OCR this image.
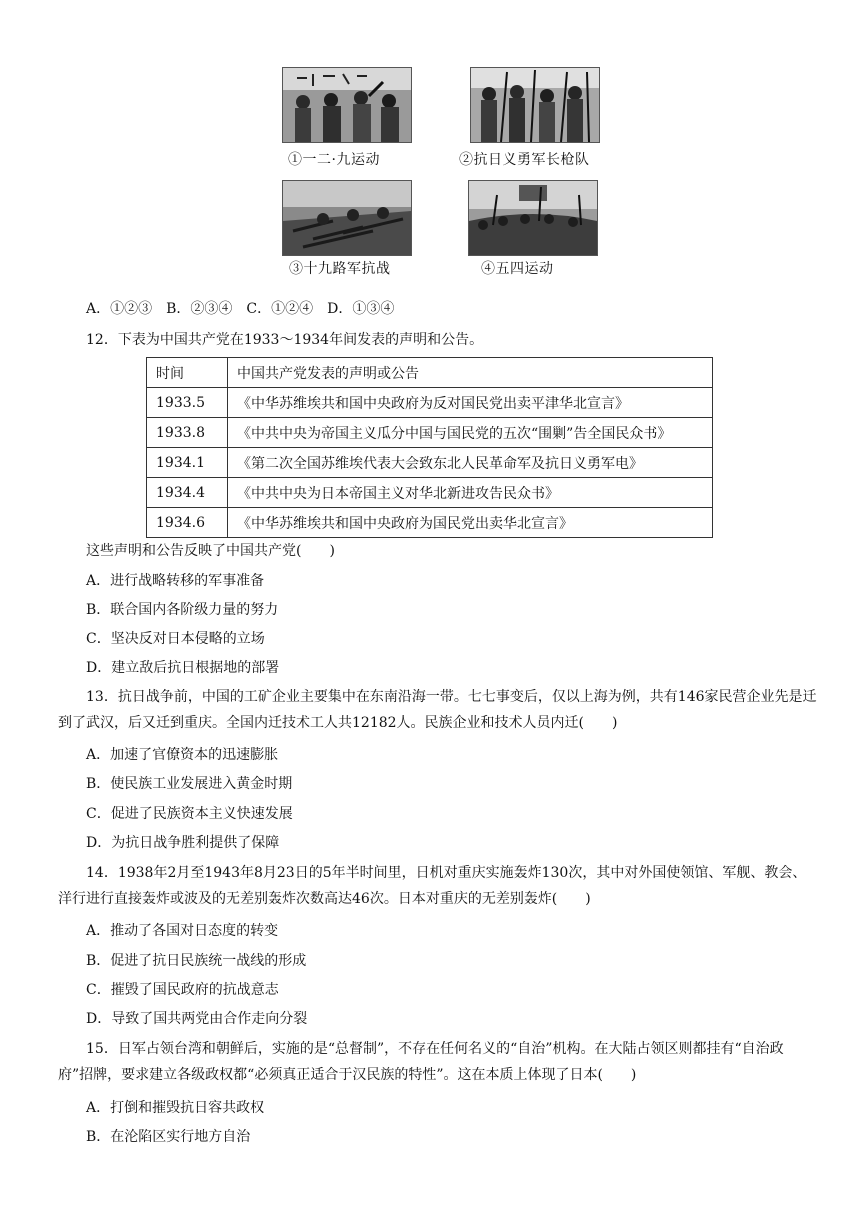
①一二·九运动	②抗日义勇军长枪队
③十九路军抗战	④五四运动
A．①②③　B．②③④　C．①②④　D．①③④
12．下表为中国共产党在1933～1934年间发表的声明和公告。
时间	中国共产党发表的声明或公告
1933.5	《中华苏维埃共和国中央政府为反对国民党出卖平津华北宣言》
1933.8	《中共中央为帝国主义瓜分中国与国民党的五次“围剿”告全国民众书》
1934.1	《第二次全国苏维埃代表大会致东北人民革命军及抗日义勇军电》
1934.4	《中共中央为日本帝国主义对华北新进攻告民众书》
1934.6	《中华苏维埃共和国中央政府为国民党出卖华北宣言》
这些声明和公告反映了中国共产党(　　)
A．进行战略转移的军事准备
B．联合国内各阶级力量的努力
C．坚决反对日本侵略的立场
D．建立敌后抗日根据地的部署
13．抗日战争前，中国的工矿企业主要集中在东南沿海一带。七七事变后，仅以上海为例，共有146家民营企业先是迁到了武汉，后又迁到重庆。全国内迁技术工人共12182人。民族企业和技术人员内迁(　　)
A．加速了官僚资本的迅速膨胀
B．使民族工业发展进入黄金时期
C．促进了民族资本主义快速发展
D．为抗日战争胜利提供了保障
14．1938年2月至1943年8月23日的5年半时间里，日机对重庆实施轰炸130次，其中对外国使领馆、军舰、教会、洋行进行直接轰炸或波及的无差别轰炸次数高达46次。日本对重庆的无差别轰炸(　　)
A．推动了各国对日态度的转变
B．促进了抗日民族统一战线的形成
C．摧毁了国民政府的抗战意志
D．导致了国共两党由合作走向分裂
15．日军占领台湾和朝鲜后，实施的是“总督制”，不存在任何名义的“自治”机构。在大陆占领区则都挂有“自治政府”招牌，要求建立各级政权都“必须真正适合于汉民族的特性”。这在本质上体现了日本(　　)
A．打倒和摧毁抗日容共政权
B．在沦陷区实行地方自治
